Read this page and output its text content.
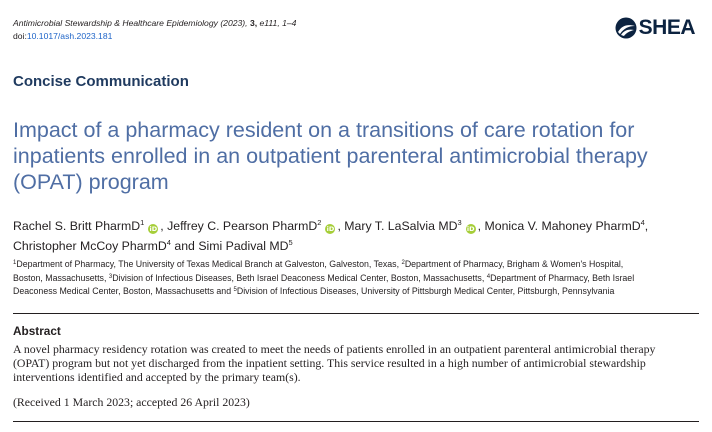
Antimicrobial Stewardship & Healthcare Epidemiology (2023), 3, e111, 1–4
doi:10.1017/ash.2023.181	SHEA
Concise Communication
Impact of a pharmacy resident on a transitions of care rotation for
inpatients enrolled in an outpatient parenteral antimicrobial therapy
(OPAT) program
Rachel S. Britt PharmD$^1$iD , Jeffrey C. Pearson PharmD$^2$iD , Mary T. LaSalvia $MD^3iD$ , Monica V. Mahoney PharmD$^4$,
Christopher McCoy PharmD$^4$ and Simi Padival $MD^5$
$^1$Department of Pharmacy, The University of Texas Medical Branch at Galveston, Galveston, Texas, $^2$Department of Pharmacy, Brigham & Women's Hospital,
Boston, Massachusetts, $^3$Division of Infectious Diseases, Beth Israel Deaconess Medical Center, Boston, Massachusetts, $^4$Department of Pharmacy, Beth Israel
Deaconess Medical Center, Boston, Massachusetts and $^5$Division of Infectious Diseases, University of Pittsburgh Medical Center, Pittsburgh, Pennsylvania
Abstract
A novel pharmacy residency rotation was created to meet the needs of patients enrolled in an outpatient parenteral antimicrobial therapy
(OPAT) program but not yet discharged from the inpatient setting. This service resulted in a high number of antimicrobial stewardship
interventions identified and accepted by the primary team(s).
(Received 1 March 2023; accepted 26 April 2023)
